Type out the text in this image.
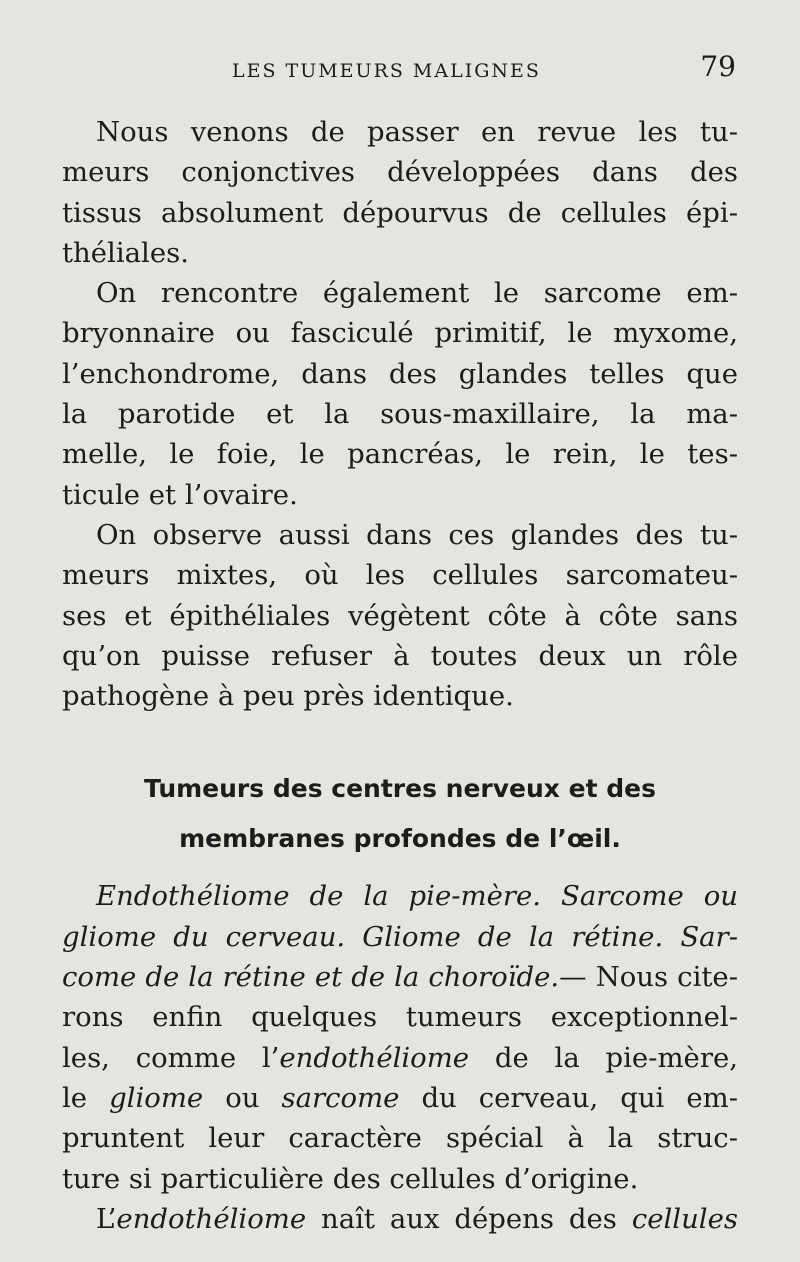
LES TUMEURS MALIGNES	79
Nous venons de passer en revue les tu-
meurs conjonctives développées dans des
tissus absolument dépourvus de cellules épi-
théliales.
On rencontre également le sarcome em-
bryonnaire ou fasciculé primitif, le myxome,
l’enchondrome, dans des glandes telles que
la parotide et la sous-maxillaire, la ma-
melle, le foie, le pancréas, le rein, le tes-
ticule et l’ovaire.
On observe aussi dans ces glandes des tu-
meurs mixtes, où les cellules sarcomateu-
ses et épithéliales végètent côte à côte sans
qu’on puisse refuser à toutes deux un rôle
pathogène à peu près identique.
Tumeurs des centres nerveux et des
membranes profondes de l’œil.
Endothéliome de la pie-mère. Sarcome ou
gliome du cerveau. Gliome de la rétine. Sar-
come de la rétine et de la choroïde.— Nous cite-
rons enfin quelques tumeurs exceptionnel-
les, comme l’endothéliome de la pie-mère,
le gliome ou sarcome du cerveau, qui em-
pruntent leur caractère spécial à la struc-
ture si particulière des cellules d’origine.
L’endothéliome naît aux dépens des cellules
